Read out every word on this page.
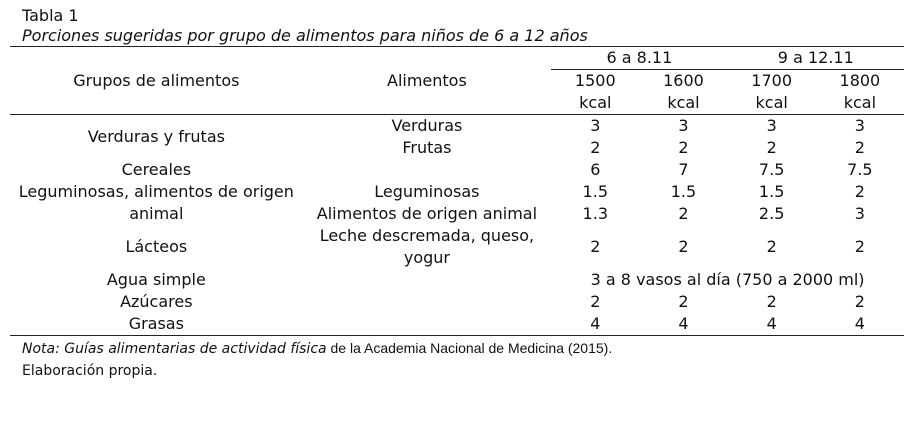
Tabla 1
Porciones sugeridas por grupo de alimentos para niños de 6 a 12 años
Grupos de alimentos	Alimentos	6 a 8.11		9 a 12.11	
		1500	1600	1700	1800
		kcal	kcal	kcal	kcal
Verduras y frutas	Verduras	3	3	3	3
	Frutas	2	2	2	2
Cereales		6	7	7.5	7.5
Leguminosas, alimentos de origen animal	Leguminosas	1.5	1.5	1.5	2
	Alimentos de origen animal	1.3	2	2.5	3
Lácteos	Leche descremada, queso, yogur	2	2	2	2
Agua simple		3 a 8 vasos al día (750 a 2000 ml)			
Azúcares		2	2	2	2
Grasas		4	4	4	4
Nota: Guías alimentarias de actividad física de la Academia Nacional de Medicina (2015).
Elaboración propia.
